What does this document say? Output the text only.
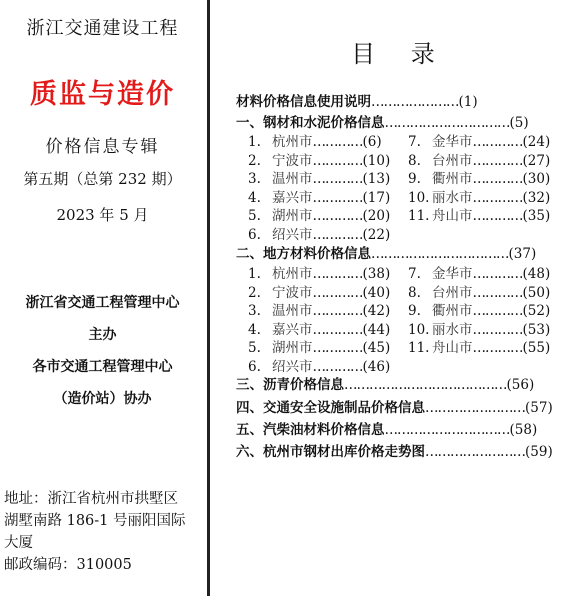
浙江交通建设工程
质监与造价
价格信息专辑
第五期（总第 232 期）
2023 年 5 月
浙江省交通工程管理中心
主办
各市交通工程管理中心
（造价站）协办
地址：浙江省杭州市拱墅区
湖墅南路 186-1 号丽阳国际
大厦
邮政编码：310005
目 录
材料价格信息使用说明…………………(1)
一、钢材和水泥价格信息…………………………(5)
1. 杭州市…………(6)
2. 宁波市…………(10)
3. 温州市…………(13)
4. 嘉兴市…………(17)
5. 湖州市…………(20)
6. 绍兴市…………(22)
7. 金华市…………(24)
8. 台州市…………(27)
9. 衢州市…………(30)
10. 丽水市…………(32)
11. 舟山市…………(35)
二、地方材料价格信息……………………………(37)
1. 杭州市…………(38)
2. 宁波市…………(40)
3. 温州市…………(42)
4. 嘉兴市…………(44)
5. 湖州市…………(45)
6. 绍兴市…………(46)
7. 金华市…………(48)
8. 台州市…………(50)
9. 衢州市…………(52)
10. 丽水市…………(53)
11. 舟山市…………(55)
三、沥青价格信息…………………………………(56)
四、交通安全设施制品价格信息……………………(57)
五、汽柴油材料价格信息…………………………(58)
六、杭州市钢材出库价格走势图……………………(59)
